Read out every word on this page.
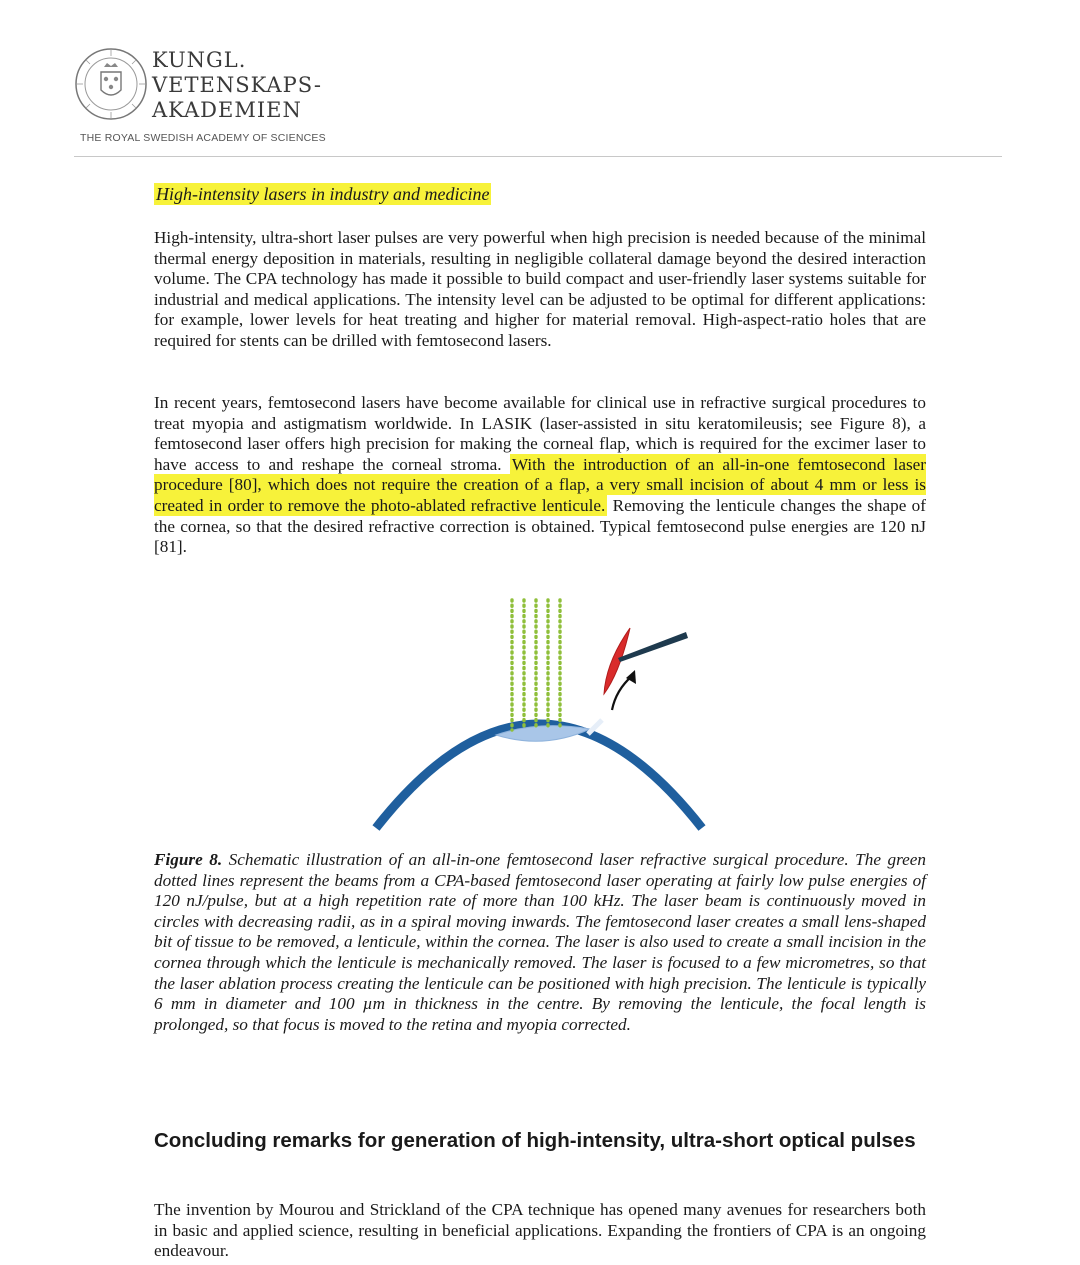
KUNGL.
VETENSKAPS-
AKADEMIEN
THE ROYAL SWEDISH ACADEMY OF SCIENCES
High-intensity lasers in industry and medicine

High-intensity, ultra-short laser pulses are very powerful when high precision is needed because of the minimal thermal energy deposition in materials, resulting in negligible collateral damage beyond the desired interaction volume. The CPA technology has made it possible to build compact and user-friendly laser systems suitable for industrial and medical applications. The intensity level can be adjusted to be optimal for different applications: for example, lower levels for heat treating and higher for material removal. High-aspect-ratio holes that are required for stents can be drilled with femtosecond lasers.

In recent years, femtosecond lasers have become available for clinical use in refractive surgical procedures to treat myopia and astigmatism worldwide. In LASIK (laser-assisted in situ keratomileusis; see Figure 8), a femtosecond laser offers high precision for making the corneal flap, which is required for the excimer laser to have access to and reshape the corneal stroma. With the introduction of an all-in-one femtosecond laser procedure [80], which does not require the creation of a flap, a very small incision of about 4 mm or less is created in order to remove the photo-ablated refractive lenticule. Removing the lenticule changes the shape of the cornea, so that the desired refractive correction is obtained. Typical femtosecond pulse energies are 120 nJ [81].

Figure 8. Schematic illustration of an all-in-one femtosecond laser refractive surgical procedure. The green dotted lines represent the beams from a CPA-based femtosecond laser operating at fairly low pulse energies of 120 nJ/pulse, but at a high repetition rate of more than 100 kHz. The laser beam is continuously moved in circles with decreasing radii, as in a spiral moving inwards. The femtosecond laser creates a small lens-shaped bit of tissue to be removed, a lenticule, within the cornea. The laser is also used to create a small incision in the cornea through which the lenticule is mechanically removed. The laser is focused to a few micrometres, so that the laser ablation process creating the lenticule can be positioned with high precision. The lenticule is typically 6 mm in diameter and 100 µm in thickness in the centre. By removing the lenticule, the focal length is prolonged, so that focus is moved to the retina and myopia corrected.

Concluding remarks for generation of high-intensity, ultra-short optical pulses

The invention by Mourou and Strickland of the CPA technique has opened many avenues for researchers both in basic and applied science, resulting in beneficial applications. Expanding the frontiers of CPA is an ongoing endeavour.
